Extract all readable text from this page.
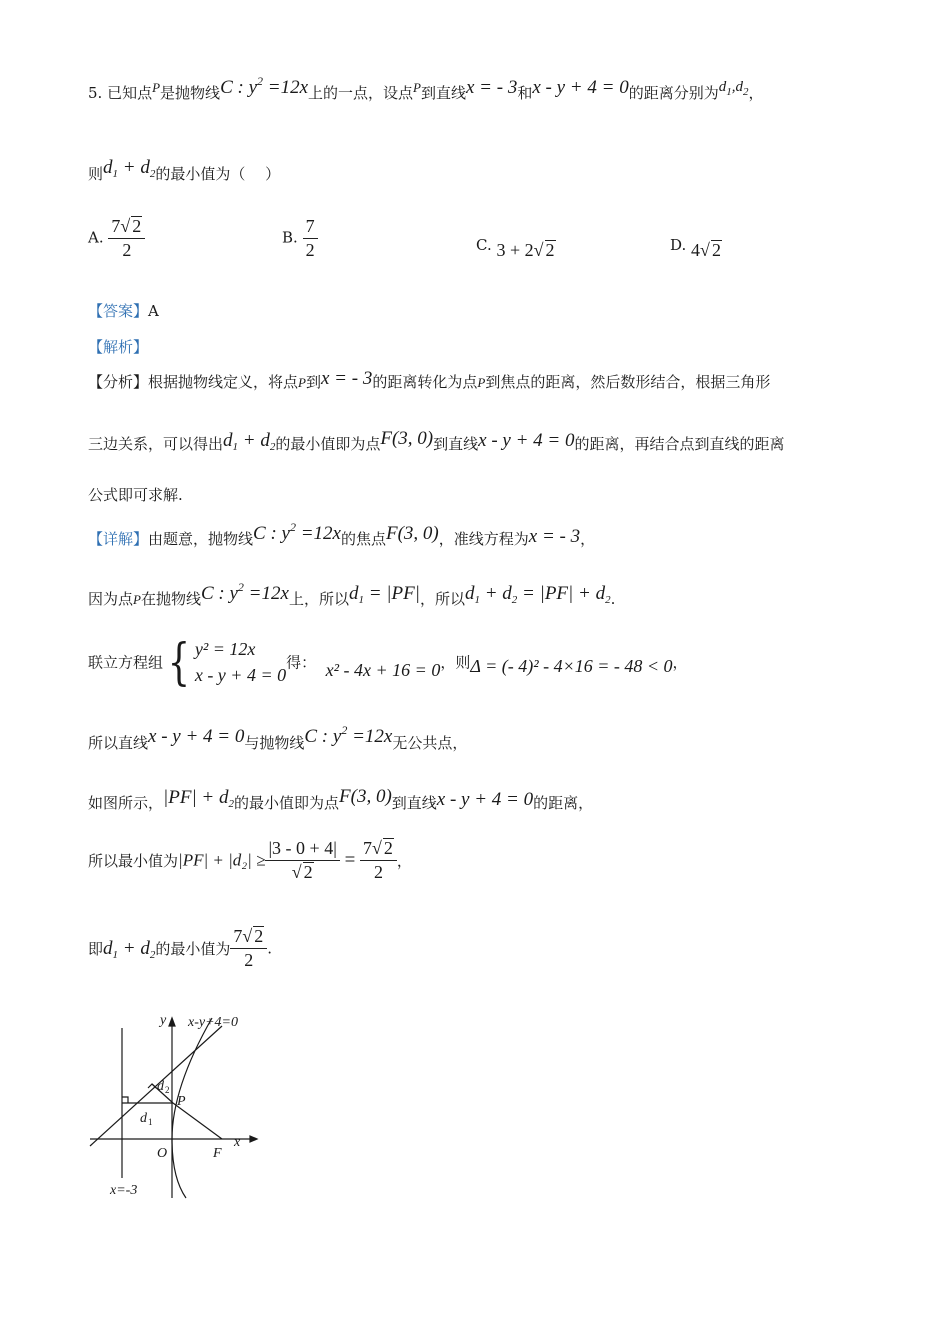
5. 已知点P是抛物线C : $y^2 =12x$上的一点，设点P到直线x = - 3和x - y + 4 = 0的距离分别为$d_1,d_2$，
则$d_1 + d_2$的最小值为（　 ）
A. $\frac{7√ 2}{2}$	B. $\frac{7}{2}$	C. 3 + 2√ 2	D. 4√ 2
【答案】A
【解析】
【分析】根据抛物线定义，将点P到x = - 3的距离转化为点P到焦点的距离，然后数形结合，根据三角形
三边关系，可以得出$d_1 + d_2$的最小值即为点F(3, 0)到直线x - y + 4 = 0的距离，再结合点到直线的距离
公式即可求解.
【详解】由题意，抛物线C : $y^2 =12x$的焦点F(3, 0)，准线方程为x = - 3，
因为点P在抛物线C : $y^2 =12x$上，所以$d_1 = |PF|$，所以$d_1 + d_2 = |PF| + d_2$.
联立方程组{ y² = 12x
x - y + 4 = 0
得： x² - 4x + 16 = 0，则Δ = (- 4)² - 4×16 = - 48 < 0，
所以直线x - y + 4 = 0与抛物线C : $y^2 =12x$无公共点，
如图所示，$|PF| + d_2$的最小值即为点F(3, 0)到直线x - y + 4 = 0的距离，
所以最小值为$|PF| + |d_2| \ge \frac{|3 - 0 + 4|}{√ 2} = \frac{7√ 2}{2}$ ，
即$d_1 + d_2$的最小值为 $\frac{7√ 2}{2}$ .
x-y+4=0
y
x
O	F
P
d 1
d 2
x=-3
